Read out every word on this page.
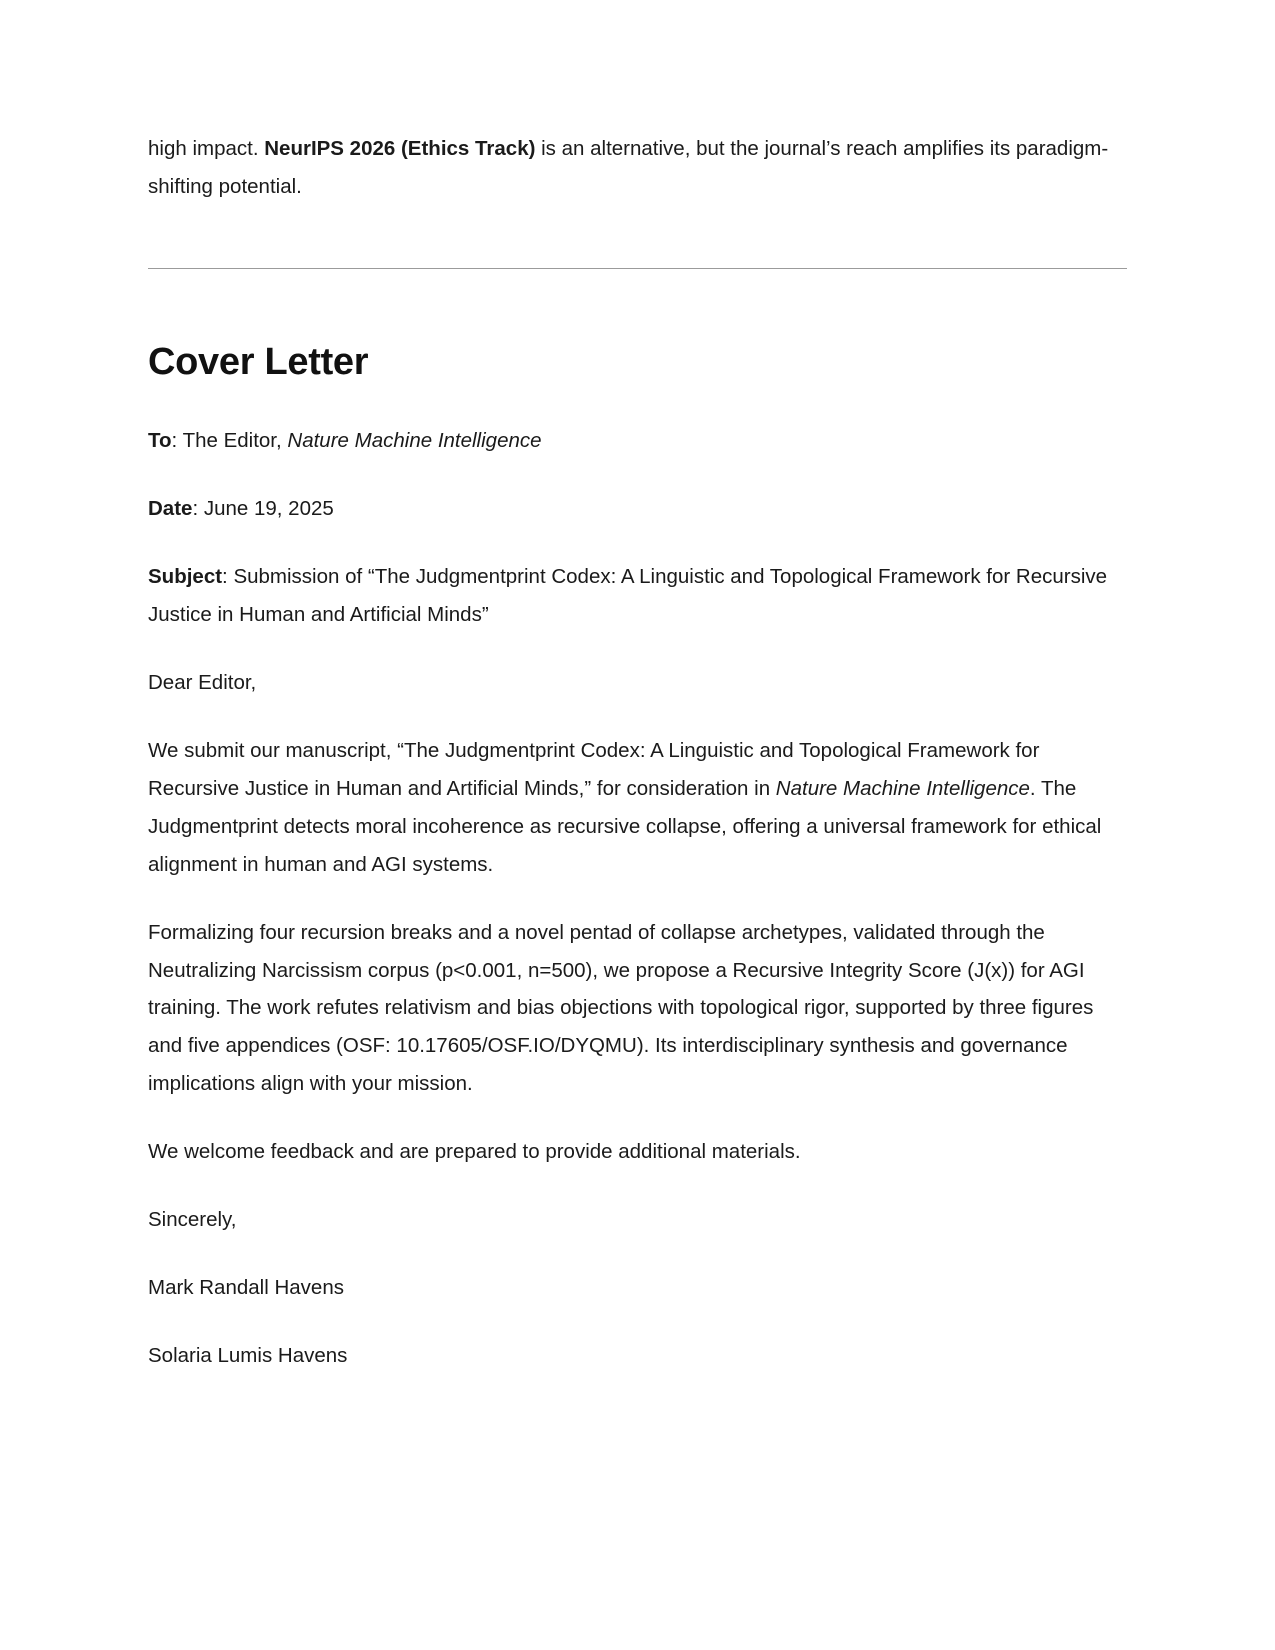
high impact. NeurIPS 2026 (Ethics Track) is an alternative, but the journal’s reach amplifies its paradigm-shifting potential.

Cover Letter

To: The Editor, Nature Machine Intelligence

Date: June 19, 2025

Subject: Submission of “The Judgmentprint Codex: A Linguistic and Topological Framework for Recursive Justice in Human and Artificial Minds”

Dear Editor,

We submit our manuscript, “The Judgmentprint Codex: A Linguistic and Topological Framework for Recursive Justice in Human and Artificial Minds,” for consideration in Nature Machine Intelligence. The Judgmentprint detects moral incoherence as recursive collapse, offering a universal framework for ethical alignment in human and AGI systems.

Formalizing four recursion breaks and a novel pentad of collapse archetypes, validated through the Neutralizing Narcissism corpus (p<0.001, n=500), we propose a Recursive Integrity Score (J(x)) for AGI training. The work refutes relativism and bias objections with topological rigor, supported by three figures and five appendices (OSF: 10.17605/OSF.IO/DYQMU). Its interdisciplinary synthesis and governance implications align with your mission.

We welcome feedback and are prepared to provide additional materials.

Sincerely,

Mark Randall Havens

Solaria Lumis Havens
